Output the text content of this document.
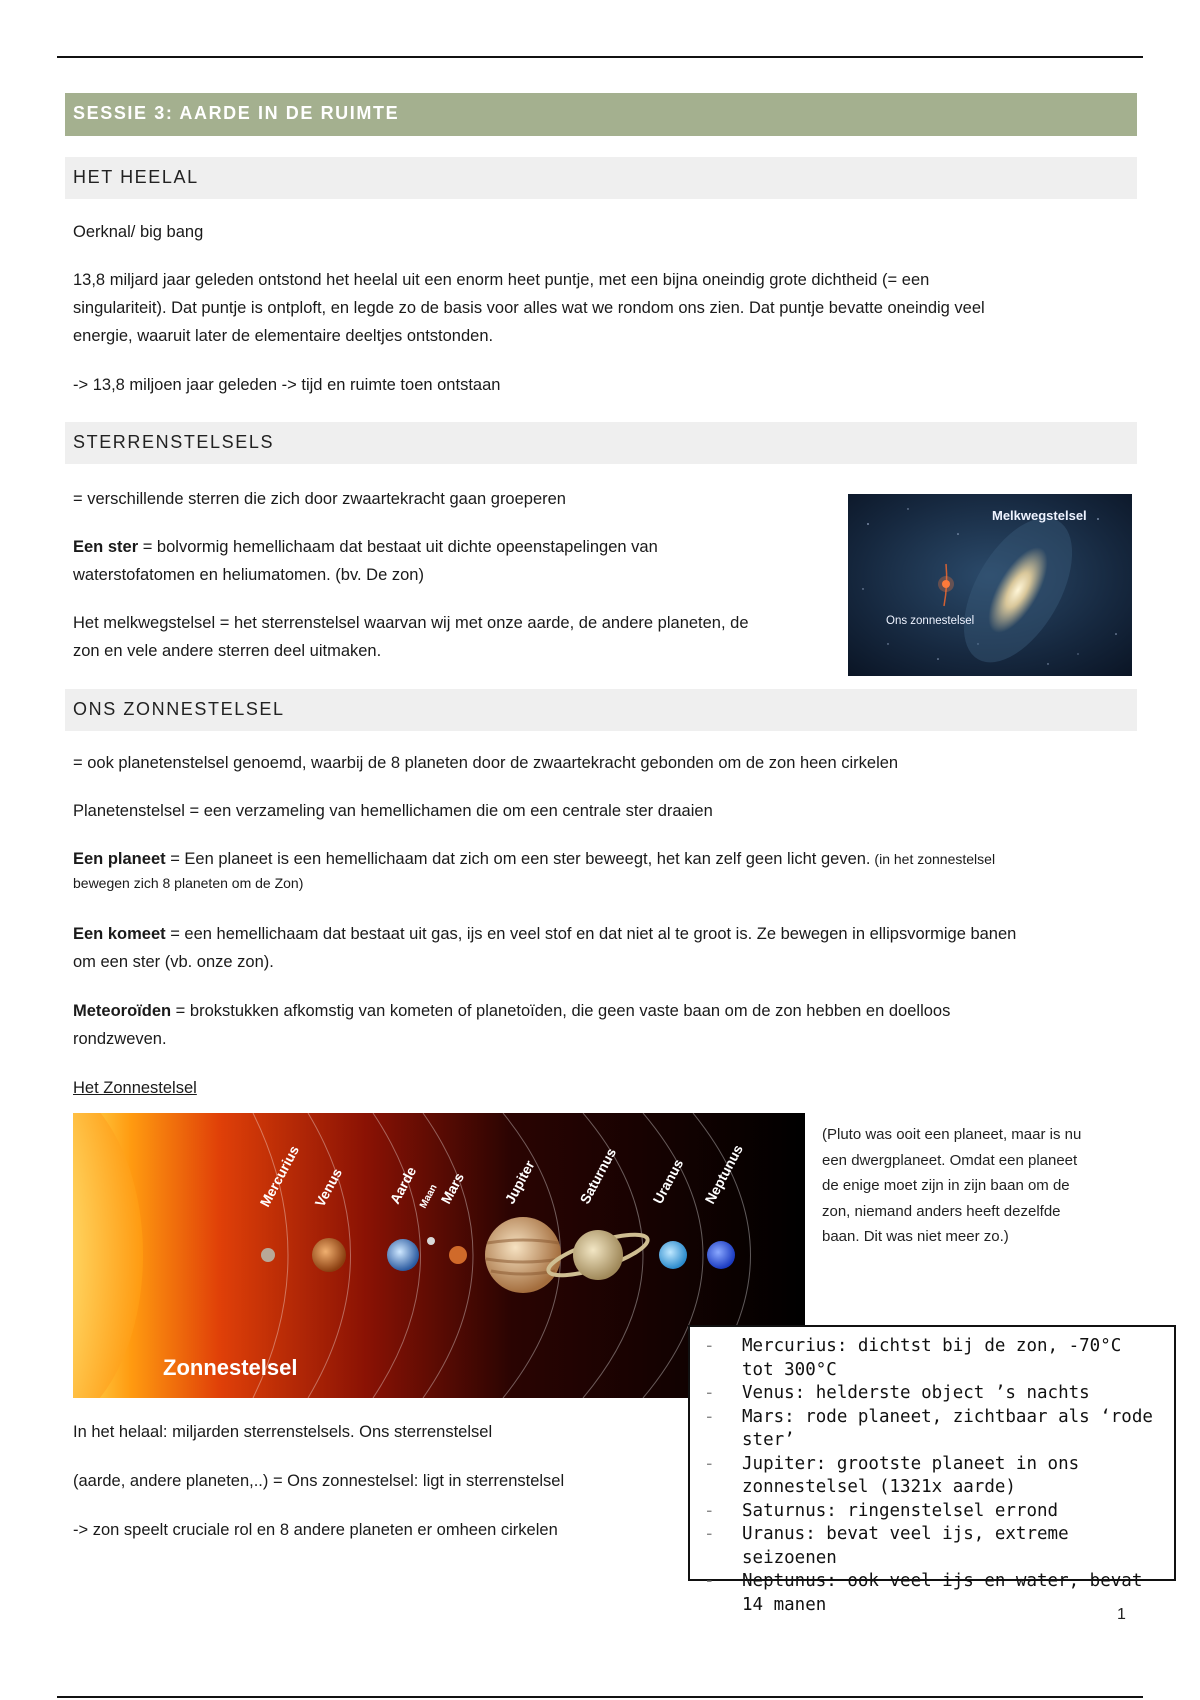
SESSIE 3: AARDE IN DE RUIMTE
HET HEELAL
Oerknal/ big bang
13,8 miljard jaar geleden ontstond het heelal uit een enorm heet puntje, met een bijna oneindig grote dichtheid (= een
singulariteit). Dat puntje is ontploft, en legde zo de basis voor alles wat we rondom ons zien. Dat puntje bevatte oneindig veel
energie, waaruit later de elementaire deeltjes ontstonden.
-> 13,8 miljoen jaar geleden -> tijd en ruimte toen ontstaan
STERRENSTELSELS
= verschillende sterren die zich door zwaartekracht gaan groeperen
Een ster = bolvormig hemellichaam dat bestaat uit dichte opeenstapelingen van
waterstofatomen en heliumatomen. (bv. De zon)
Het melkwegstelsel = het sterrenstelsel waarvan wij met onze aarde, de andere planeten, de
zon en vele andere sterren deel uitmaken.
Melkwegstelsel
Ons zonnestelsel
ONS ZONNESTELSEL
= ook planetenstelsel genoemd, waarbij de 8 planeten door de zwaartekracht gebonden om de zon heen cirkelen
Planetenstelsel = een verzameling van hemellichamen die om een centrale ster draaien
Een planeet = Een planeet is een hemellichaam dat zich om een ster beweegt, het kan zelf geen licht geven. (in het zonnestelsel
bewegen zich 8 planeten om de Zon)
Een komeet = een hemellichaam dat bestaat uit gas, ijs en veel stof en dat niet al te groot is. Ze bewegen in ellipsvormige banen
om een ster (vb. onze zon).
Meteoroïden = brokstukken afkomstig van kometen of planetoïden, die geen vaste baan om de zon hebben en doelloos
rondzweven.
Het Zonnestelsel
Mercurius Venus	Aarde
Maan
Mars Jupiter	Saturnus Uranus Neptunus
Zonnestelsel
(Pluto was ooit een planeet, maar is nu
een dwergplaneet. Omdat een planeet
de enige moet zijn in zijn baan om de
zon, niemand anders heeft dezelfde
baan. Dit was niet meer zo.)
In het helaal: miljarden sterrenstelsels. Ons sterrenstelsel
(aarde, andere planeten,..) = Ons zonnestelsel: ligt in sterrenstelsel
-> zon speelt cruciale rol en 8 andere planeten er omheen cirkelen
- Mercurius: dichtst bij de zon, -70°C tot 300°C
- Venus: helderste object ’s nachts
- Mars: rode planeet, zichtbaar als ‘rode ster’
- Jupiter: grootste planeet in ons zonnestelsel (1321x aarde)
- Saturnus: ringenstelsel errond
- Uranus: bevat veel ijs, extreme seizoenen
- Neptunus: ook veel ijs en water, bevat 14 manen	1
